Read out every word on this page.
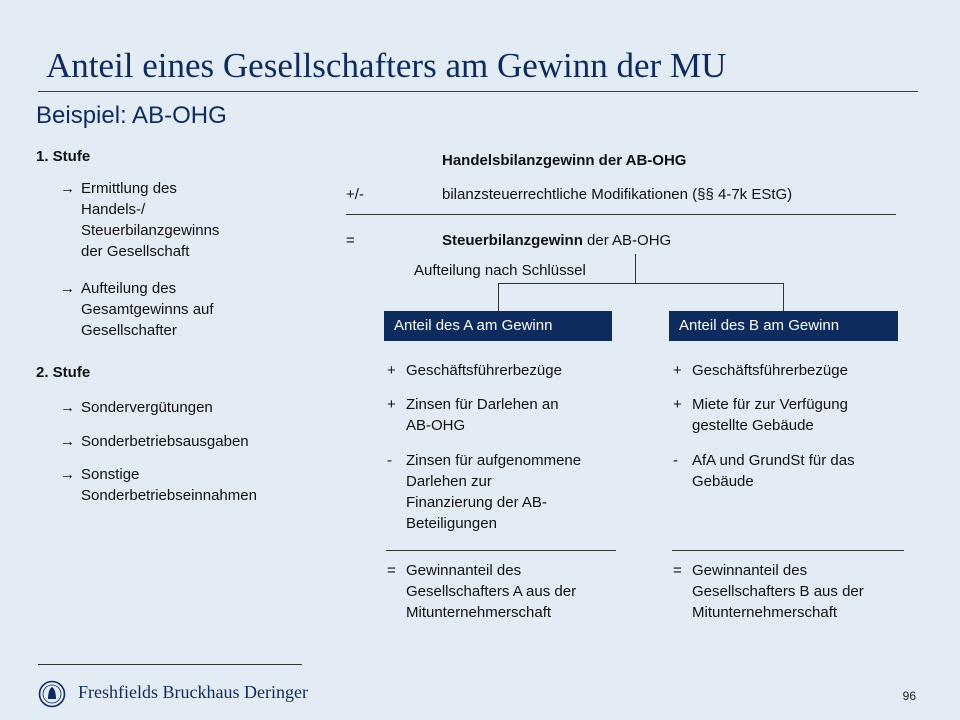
Anteil eines Gesellschafters am Gewinn der MU
Beispiel: AB-OHG
1. Stufe
→ Ermittlung des
Handels-/
Steuerbilanzgewinns
der Gesellschaft
→ Aufteilung des
Gesamtgewinns auf
Gesellschafter
2. Stufe
→ Sondervergütungen
→ Sonderbetriebsausgaben
→ Sonstige
Sonderbetriebseinnahmen
Handelsbilanzgewinn der AB-OHG
+/-	bilanzsteuerrechtliche Modifikationen (§§ 4-7k EStG)
=	Steuerbilanzgewinn der AB-OHG
Aufteilung nach Schlüssel
Anteil des A am Gewinn	Anteil des B am Gewinn
+ Geschäftsführerbezüge
+ Zinsen für Darlehen an
AB-OHG
- Zinsen für aufgenommene
Darlehen zur
Finanzierung der AB-
Beteiligungen
= Gewinnanteil des
Gesellschafters A aus der
Mitunternehmerschaft
+ Geschäftsführerbezüge
+ Miete für zur Verfügung
gestellte Gebäude
- AfA und GrundSt für das
Gebäude
= Gewinnanteil des
Gesellschafters B aus der
Mitunternehmerschaft
Freshfields Bruckhaus Deringer	96
